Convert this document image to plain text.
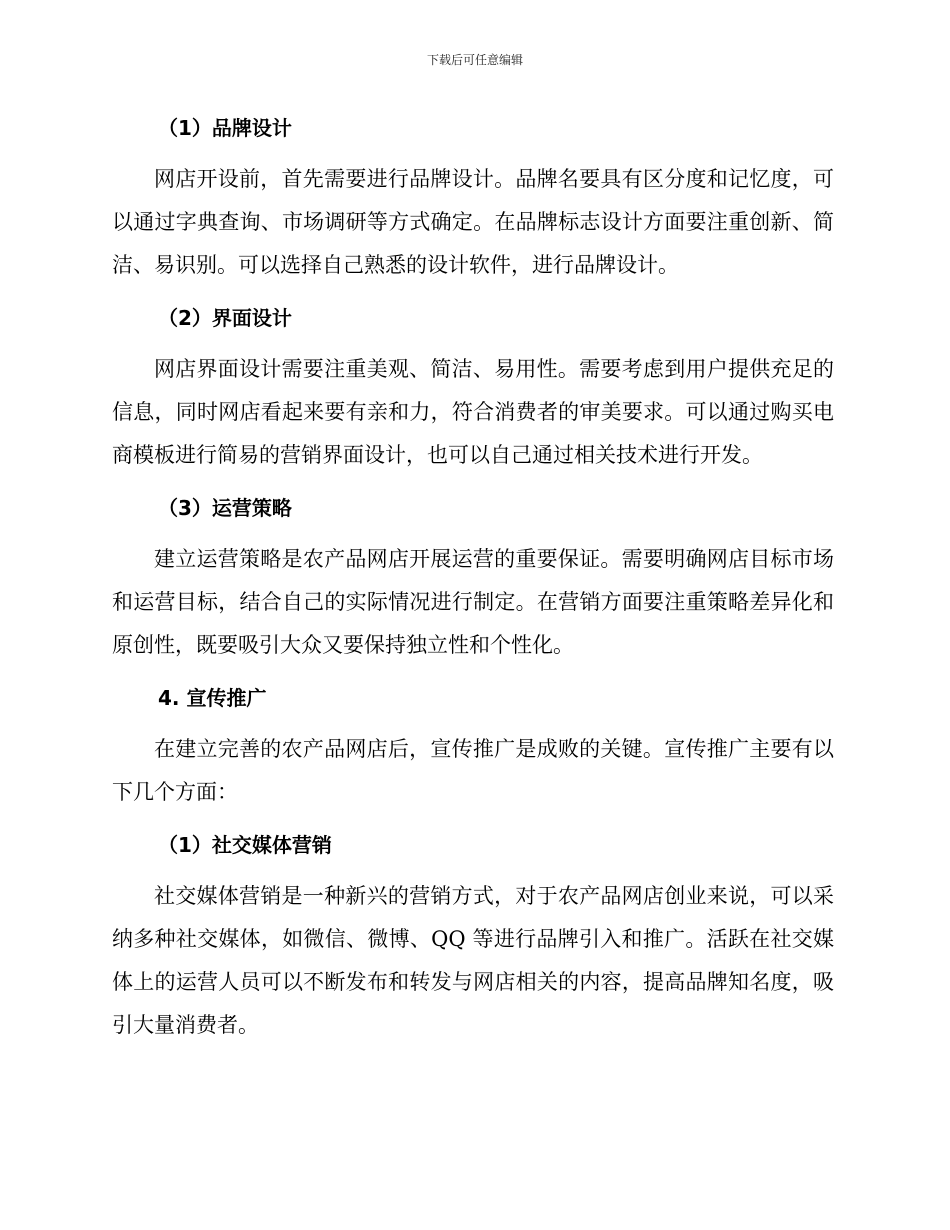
下载后可任意编辑
（1）品牌设计

网店开设前，首先需要进行品牌设计。品牌名要具有区分度和记忆度，可以通过字典查询、市场调研等方式确定。在品牌标志设计方面要注重创新、简洁、易识别。可以选择自己熟悉的设计软件，进行品牌设计。

（2）界面设计

网店界面设计需要注重美观、简洁、易用性。需要考虑到用户提供充足的信息，同时网店看起来要有亲和力，符合消费者的审美要求。可以通过购买电商模板进行简易的营销界面设计，也可以自己通过相关技术进行开发。

（3）运营策略

建立运营策略是农产品网店开展运营的重要保证。需要明确网店目标市场和运营目标，结合自己的实际情况进行制定。在营销方面要注重策略差异化和原创性，既要吸引大众又要保持独立性和个性化。

4. 宣传推广

在建立完善的农产品网店后，宣传推广是成败的关键。宣传推广主要有以下几个方面：

（1）社交媒体营销

社交媒体营销是一种新兴的营销方式，对于农产品网店创业来说，可以采纳多种社交媒体，如微信、微博、QQ 等进行品牌引入和推广。活跃在社交媒体上的运营人员可以不断发布和转发与网店相关的内容，提高品牌知名度，吸引大量消费者。
